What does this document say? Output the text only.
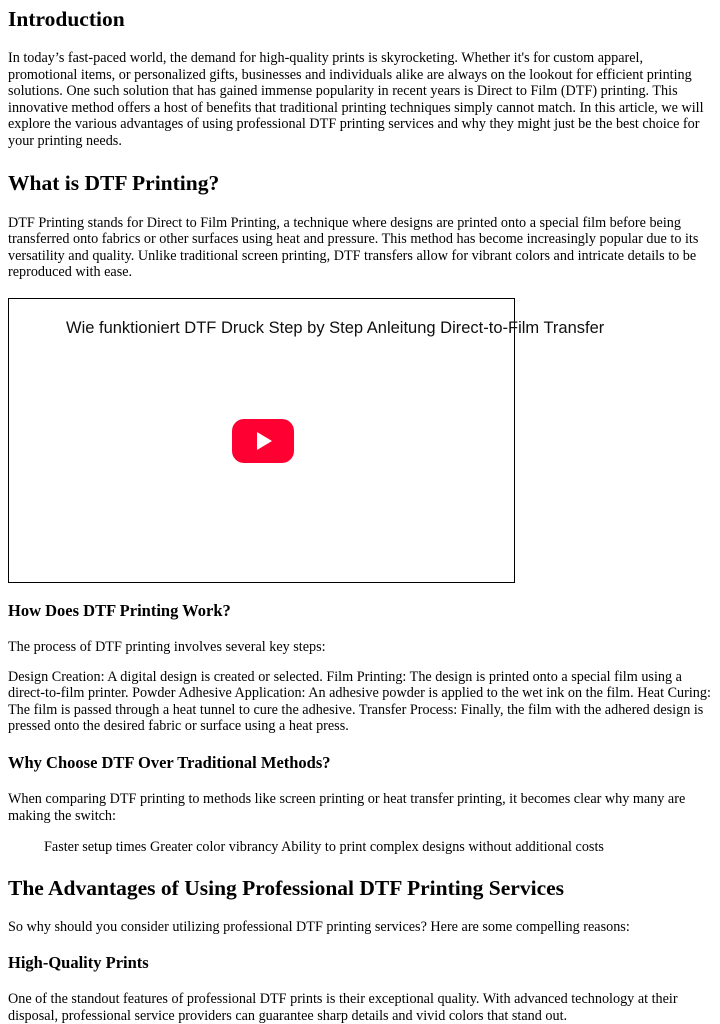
Introduction

In today’s fast-paced world, the demand for high-quality prints is skyrocketing. Whether it's for custom apparel, promotional items, or personalized gifts, businesses and individuals alike are always on the lookout for efficient printing solutions. One such solution that has gained immense popularity in recent years is Direct to Film (DTF) printing. This innovative method offers a host of benefits that traditional printing techniques simply cannot match. In this article, we will explore the various advantages of using professional DTF printing services and why they might just be the best choice for your printing needs.

What is DTF Printing?

DTF Printing stands for Direct to Film Printing, a technique where designs are printed onto a special film before being transferred onto fabrics or other surfaces using heat and pressure. This method has become increasingly popular due to its versatility and quality. Unlike traditional screen printing, DTF transfers allow for vibrant colors and intricate details to be reproduced with ease.

Wie funktioniert DTF Druck Step by Step Anleitung Direct-to-Film Transfer
How Does DTF Printing Work?

The process of DTF printing involves several key steps:

Design Creation: A digital design is created or selected. Film Printing: The design is printed onto a special film using a direct-to-film printer. Powder Adhesive Application: An adhesive powder is applied to the wet ink on the film. Heat Curing: The film is passed through a heat tunnel to cure the adhesive. Transfer Process: Finally, the film with the adhered design is pressed onto the desired fabric or surface using a heat press.

Why Choose DTF Over Traditional Methods?

When comparing DTF printing to methods like screen printing or heat transfer printing, it becomes clear why many are making the switch:

Faster setup times Greater color vibrancy Ability to print complex designs without additional costs
The Advantages of Using Professional DTF Printing Services

So why should you consider utilizing professional DTF printing services? Here are some compelling reasons:

High-Quality Prints

One of the standout features of professional DTF prints is their exceptional quality. With advanced technology at their disposal, professional service providers can guarantee sharp details and vivid colors that stand out.
